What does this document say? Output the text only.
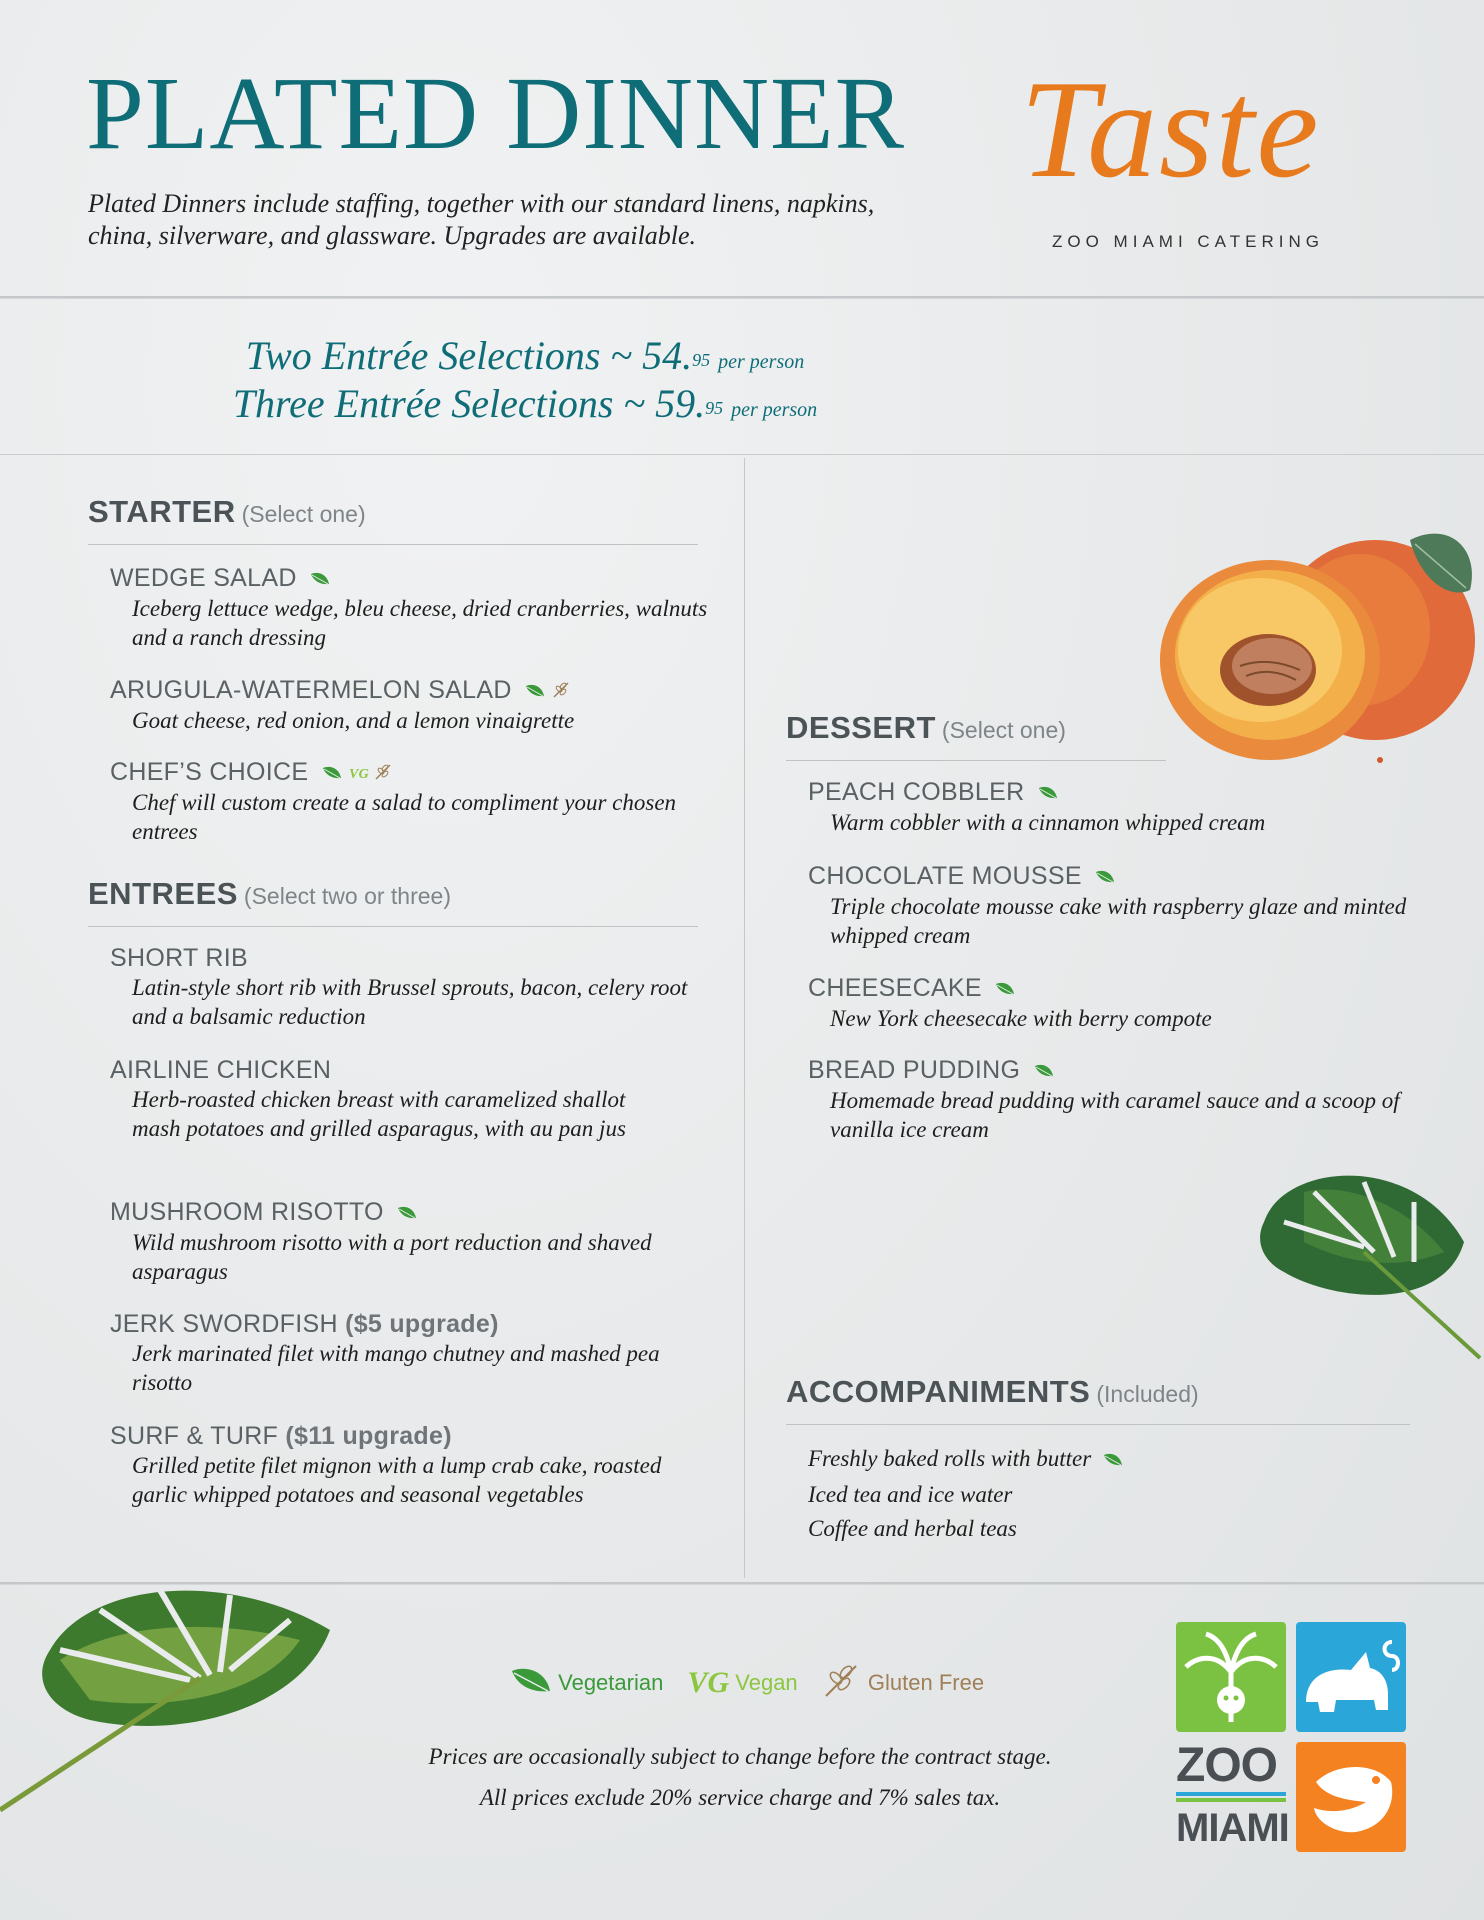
PLATED DINNER
Plated Dinners include staffing, together with our standard linens, napkins, china, silverware, and glassware. Upgrades are available.
Taste
ZOO MIAMI CATERING
Two Entrée Selections ~ 54.95 $^{per person}$
Three Entrée Selections ~ 59.95 $^{per person}$
STARTER (Select one)
WEDGE SALAD
Iceberg lettuce wedge, bleu cheese, dried cranberries, walnuts and a ranch dressing
ARUGULA-WATERMELON SALAD
Goat cheese, red onion, and a lemon vinaigrette
CHEF’S CHOICE	VG

Chef will custom create a salad to compliment your chosen entrees
ENTREES (Select two or three)
SHORT RIB
Latin-style short rib with Brussel sprouts, bacon, celery root and a balsamic reduction
AIRLINE CHICKEN
Herb-roasted chicken breast with caramelized shallot mash potatoes and grilled asparagus, with au pan jus
MUSHROOM RISOTTO
Wild mushroom risotto with a port reduction and shaved asparagus
JERK SWORDFISH ($5 upgrade)
Jerk marinated filet with mango chutney and mashed pea risotto
SURF & TURF ($11 upgrade)
Grilled petite filet mignon with a lump crab cake, roasted garlic whipped potatoes and seasonal vegetables
DESSERT (Select one)
PEACH COBBLER
Warm cobbler with a cinnamon whipped cream
CHOCOLATE MOUSSE
Triple chocolate mousse cake with raspberry glaze and minted whipped cream
CHEESECAKE
New York cheesecake with berry compote
BREAD PUDDING
Homemade bread pudding with caramel sauce and a scoop of vanilla ice cream
ACCOMPANIMENTS (Included)
Freshly baked rolls with butter
Iced tea and ice water
Coffee and herbal teas
Vegetarian VG Vegan	Gluten Free
Prices are occasionally subject to change before the contract stage.
All prices exclude 20% service charge and 7% sales tax.
ZOO
MIAMI
